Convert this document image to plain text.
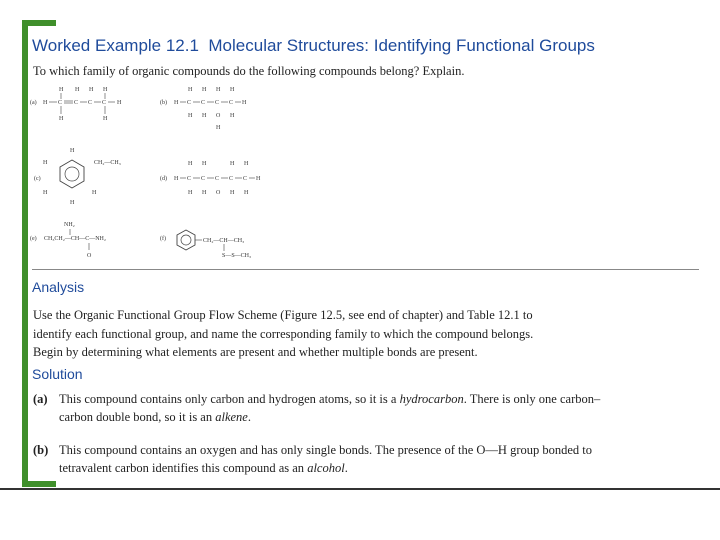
Worked Example 12.1 Molecular Structures: Identifying Functional Groups
To which family of organic compounds do the following compounds belong? Explain.
(a) H C C C C H
H H H H
H	H
(b) H C C C C H
H H H H
H H O H
H
(c)
H
H
H
H
H
CH₂—CH₃
(d) H C C C C C H
H H	H H
H H O H H
(e)
NH₂
CH₃CH₂—CH—C—NH₂
O
(f)	CH₂—CH—CH₃
S—S—CH₃
Analysis
Use the Organic Functional Group Flow Scheme (Figure 12.5, see end of chapter) and Table 12.1 to
identify each functional group, and name the corresponding family to which the compound belongs.
Begin by determining what elements are present and whether multiple bonds are present.
Solution
(a) This compound contains only carbon and hydrogen atoms, so it is a hydrocarbon. There is only one carbon–
carbon double bond, so it is an alkene.
(b) This compound contains an oxygen and has only single bonds. The presence of the O—H group bonded to
tetravalent carbon identifies this compound as an alcohol.
